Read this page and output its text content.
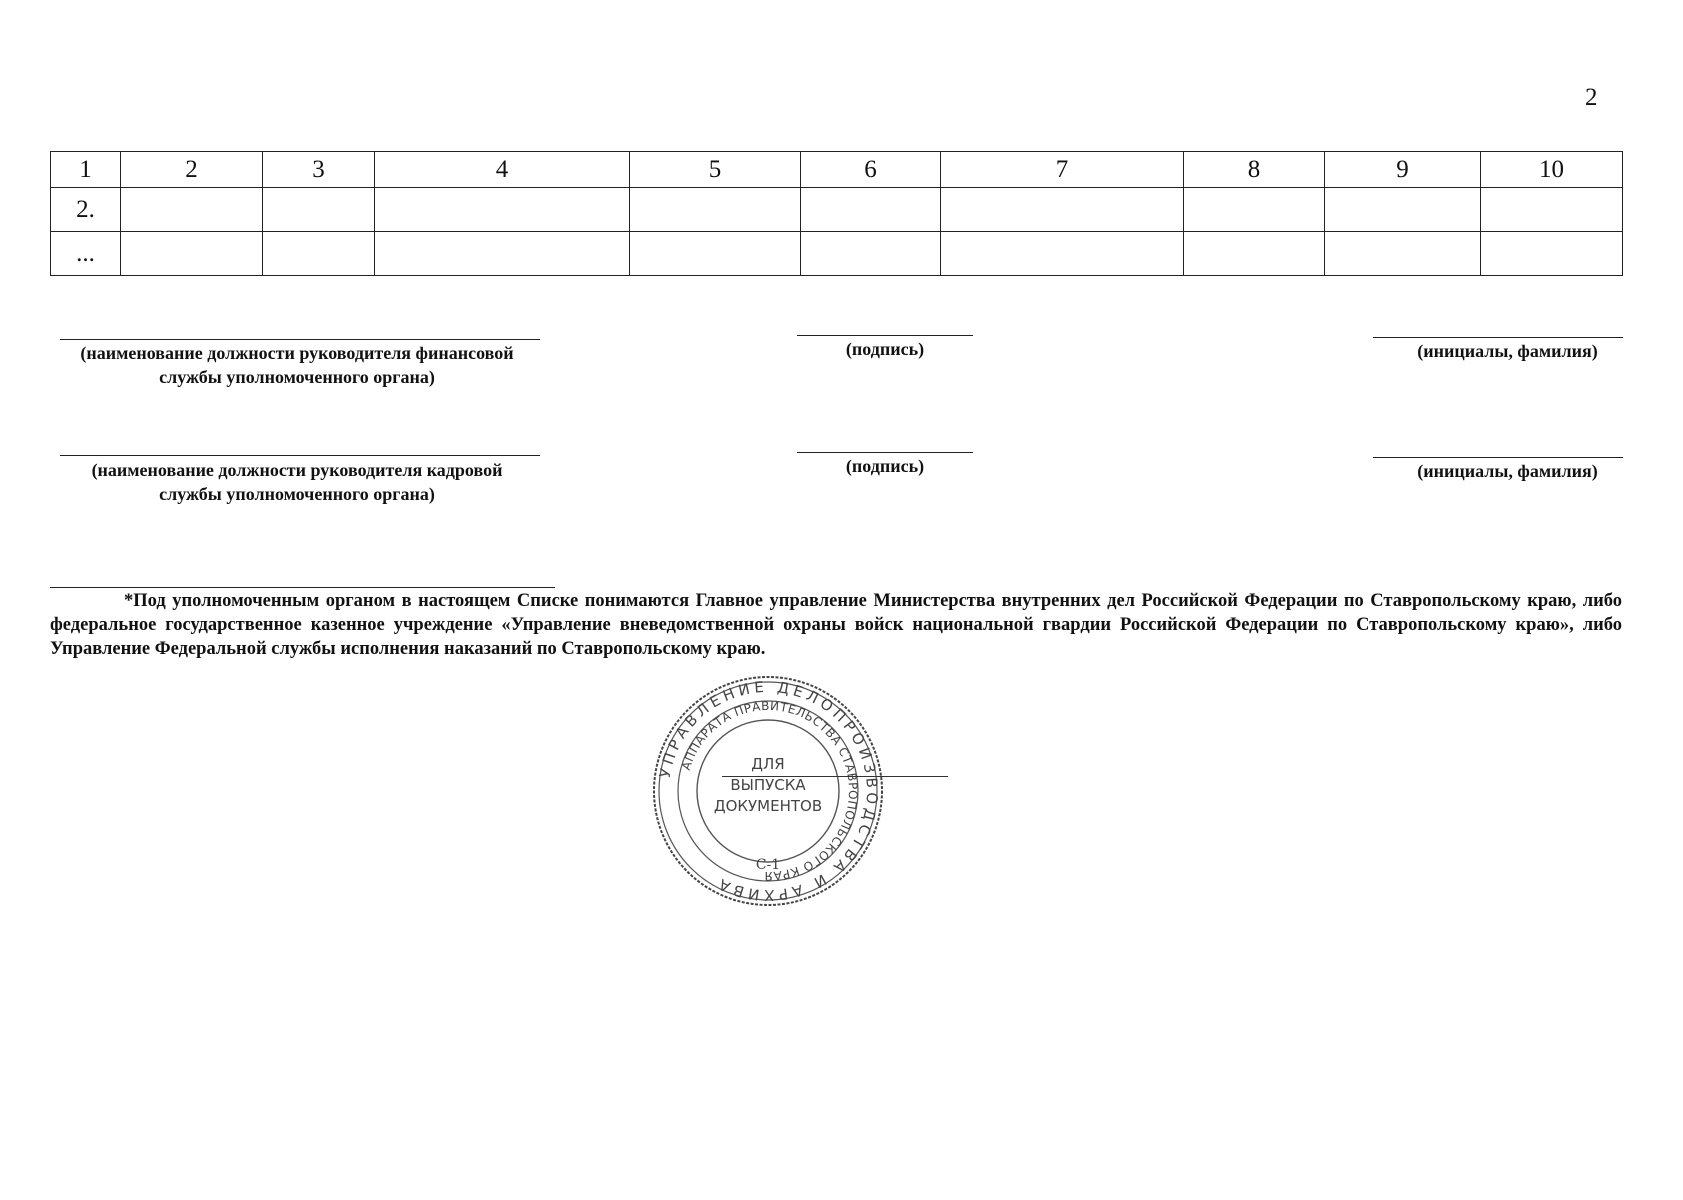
2
1	2	3	4	5	6	7	8	9	10
2.									
...									
(наименование должности руководителя финансовой службы уполномоченного органа)
(подпись)	(инициалы, фамилия)
(наименование должности руководителя кадровой службы уполномоченного органа)
(подпись)	(инициалы, фамилия)
*Под уполномоченным органом в настоящем Списке понимаются Главное управление Министерства внутренних дел Российской Федерации по Ставропольскому краю, либо федеральное государственное казенное учреждение «Управление вневедомственной охраны войск национальной гвардии Российской Федерации по Ставропольскому краю», либо Управление Федеральной службы исполнения наказаний по Ставропольскому краю.
УПРАВЛЕНИЕ ДЕЛОПРОИЗВОДСТВА И АРХИВА
АППАРАТА ПРАВИТЕЛЬСТВА СТАВРОПОЛЬСКОГО КРАЯ
ДЛЯ
ВЫПУСКА
ДОКУМЕНТОВ
С-1
